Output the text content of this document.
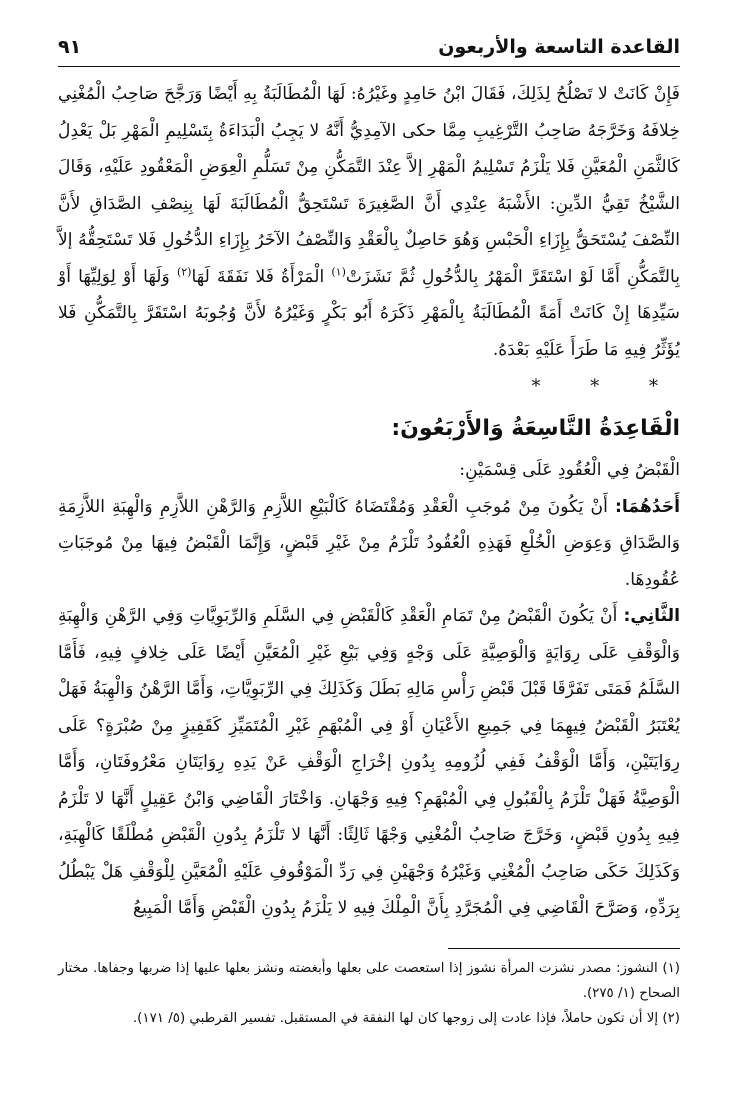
القاعدة التاسعة والأربعون
٩١

فَإِنْ كَانَتْ لا تَصْلُحُ لِذَلِكَ، فَقَالَ ابْنُ حَامِدٍ وغَيْرُهُ: لَهَا الْمُطَالَبَةُ بِهِ أَيْضًا وَرَجَّحَ صَاحِبُ الْمُغْنِي خِلافَهُ وَخَرَّجَهُ صَاحِبُ التَّرْغِيبِ مِمَّا حكى الآمِدِيُّ أَنَّهُ لا يَجِبُ الْبَدَاءَةُ بِتَسْلِيمِ الْمَهْرِ بَلْ يَعْدِلُ كَالثَّمَنِ الْمُعَيَّنِ فَلا يَلْزَمُ تَسْلِيمُ الْمَهْرِ إلاَّ عِنْدَ التَّمَكُّنِ مِنْ تَسَلُّمِ الْعِوَضِ الْمَعْقُودِ عَلَيْهِ، وَقَالَ الشَّيْخُ تَقِيُّ الدِّينِ: الأَشْبَهُ عِنْدِي أَنَّ الصَّغِيرَةَ تَسْتَحِقُّ الْمُطَالَبَةَ لَهَا بِنِصْفِ الصَّدَاقِ لأَنَّ النِّصْفَ يُسْتَحَقُّ بِإِزَاءِ الْحَبْسِ وَهُوَ حَاصِلٌ بِالْعَقْدِ وَالنِّصْفُ الآخَرُ بِإِزَاءِ الدُّخُولِ فَلا تَسْتَحِقُّهُ إلاَّ بِالتَّمَكُّنِ أَمَّا لَوْ اسْتَقَرَّ الْمَهْرُ بِالدُّخُولِ ثُمَّ نَشَزَتْ$^{(١)}$ الْمَرْأَةُ فَلا نَفَقَةَ لَهَا$^{(٢)}$ وَلَهَا أَوْ لِوَلِيِّهَا أَوْ سَيِّدِهَا إِنْ كَانَتْ أَمَةً الْمُطَالَبَةُ بِالْمَهْرِ ذَكَرَهُ أَبُو بَكْرٍ وَغَيْرُهُ لأَنَّ وُجُوبَهُ اسْتَقَرَّ بِالتَّمَكُّنِ فَلا يُؤَثِّرُ فِيهِ مَا طَرَأَ عَلَيْهِ بَعْدَهُ.

* * *

الْقَاعِدَةُ التَّاسِعَةُ وَالأَرْبَعُونَ:

الْقَبْضُ فِي الْعُقُودِ عَلَى قِسْمَيْنِ:

أَحَدُهُمَا: أَنْ يَكُونَ مِنْ مُوجَبِ الْعَقْدِ وَمُقْتَضَاهُ كَالْبَيْعِ اللاَّزِمِ وَالرَّهْنِ اللاَّزِمِ وَالْهِبَةِ اللاَّزِمَةِ وَالصَّدَاقِ وَعِوَضِ الْخُلْعِ فَهَذِهِ الْعُقُودُ تَلْزَمُ مِنْ غَيْرِ قَبْضٍ، وَإِنَّمَا الْقَبْضُ فِيهَا مِنْ مُوجَبَاتِ عُقُودِهَا.

الثَّانِي: أَنْ يَكُونَ الْقَبْضُ مِنْ تَمَامِ الْعَقْدِ كَالْقَبْضِ فِي السَّلَمِ وَالرِّبَوِيَّاتِ وَفِي الرَّهْنِ وَالْهِبَةِ وَالْوَقْفِ عَلَى رِوَايَةٍ وَالْوَصِيَّةِ عَلَى وَجْهٍ وَفِي بَيْعِ غَيْرِ الْمُعَيَّنِ أَيْضًا عَلَى خِلافٍ فِيهِ، فَأَمَّا السَّلَمُ فَمَتَى تَفَرَّقَا قَبْلَ قَبْضِ رَأْسِ مَالِهِ بَطَلَ وَكَذَلِكَ فِي الرِّبَوِيَّاتِ، وَأَمَّا الرَّهْنُ وَالْهِبَةُ فَهَلْ يُعْتَبَرُ الْقَبْضُ فِيهِمَا فِي جَمِيعِ الأَعْيَانِ أَوْ فِي الْمُبْهَمِ غَيْرِ الْمُتَمَيِّزِ كَقَفِيزٍ مِنْ صُبْرَةٍ؟ عَلَى رِوَايَتَيْنِ، وَأَمَّا الْوَقْفُ فَفِي لُزُومِهِ بِدُونِ إخْرَاجِ الْوَقْفِ عَنْ يَدِهِ رِوَايَتَانِ مَعْرُوفَتَانِ، وَأَمَّا الْوَصِيَّةُ فَهَلْ تَلْزَمُ بِالْقَبُولِ فِي الْمُبْهَمِ؟ فِيهِ وَجْهَانِ. وَاخْتَارَ الْقَاضِي وَابْنُ عَقِيلٍ أَنَّهَا لا تَلْزَمُ فِيهِ بِدُونِ قَبْضٍ، وَخَرَّجَ صَاحِبُ الْمُغْنِي وَجْهًا ثَالِثًا: أَنَّهَا لا تَلْزَمُ بِدُونِ الْقَبْضِ مُطْلَقًا كَالْهِبَةِ، وَكَذَلِكَ حَكَى صَاحِبُ الْمُغْنِي وَغَيْرُهُ وَجْهَيْنِ فِي رَدِّ الْمَوْقُوفِ عَلَيْهِ الْمُعَيَّنِ لِلْوَقْفِ هَلْ يَبْطُلُ بِرَدِّهِ، وَصَرَّحَ الْقَاضِي فِي الْمُجَرَّدِ بِأَنَّ الْمِلْكَ فِيهِ لا يَلْزَمُ بِدُونِ الْقَبْضِ وَأَمَّا الْمَبِيعُ

(١) النشوز: مصدر نشزت المرأة نشوز إذا استعصت على بعلها وأبغضته ونشز بعلها عليها إذا ضربها وجفاها. مختار الصحاح (١/ ٢٧٥).

(٢) إلا أن تكون حاملاً، فإذا عادت إلى زوجها كان لها النفقة في المستقبل. تفسير القرطبي (٥/ ١٧١).
